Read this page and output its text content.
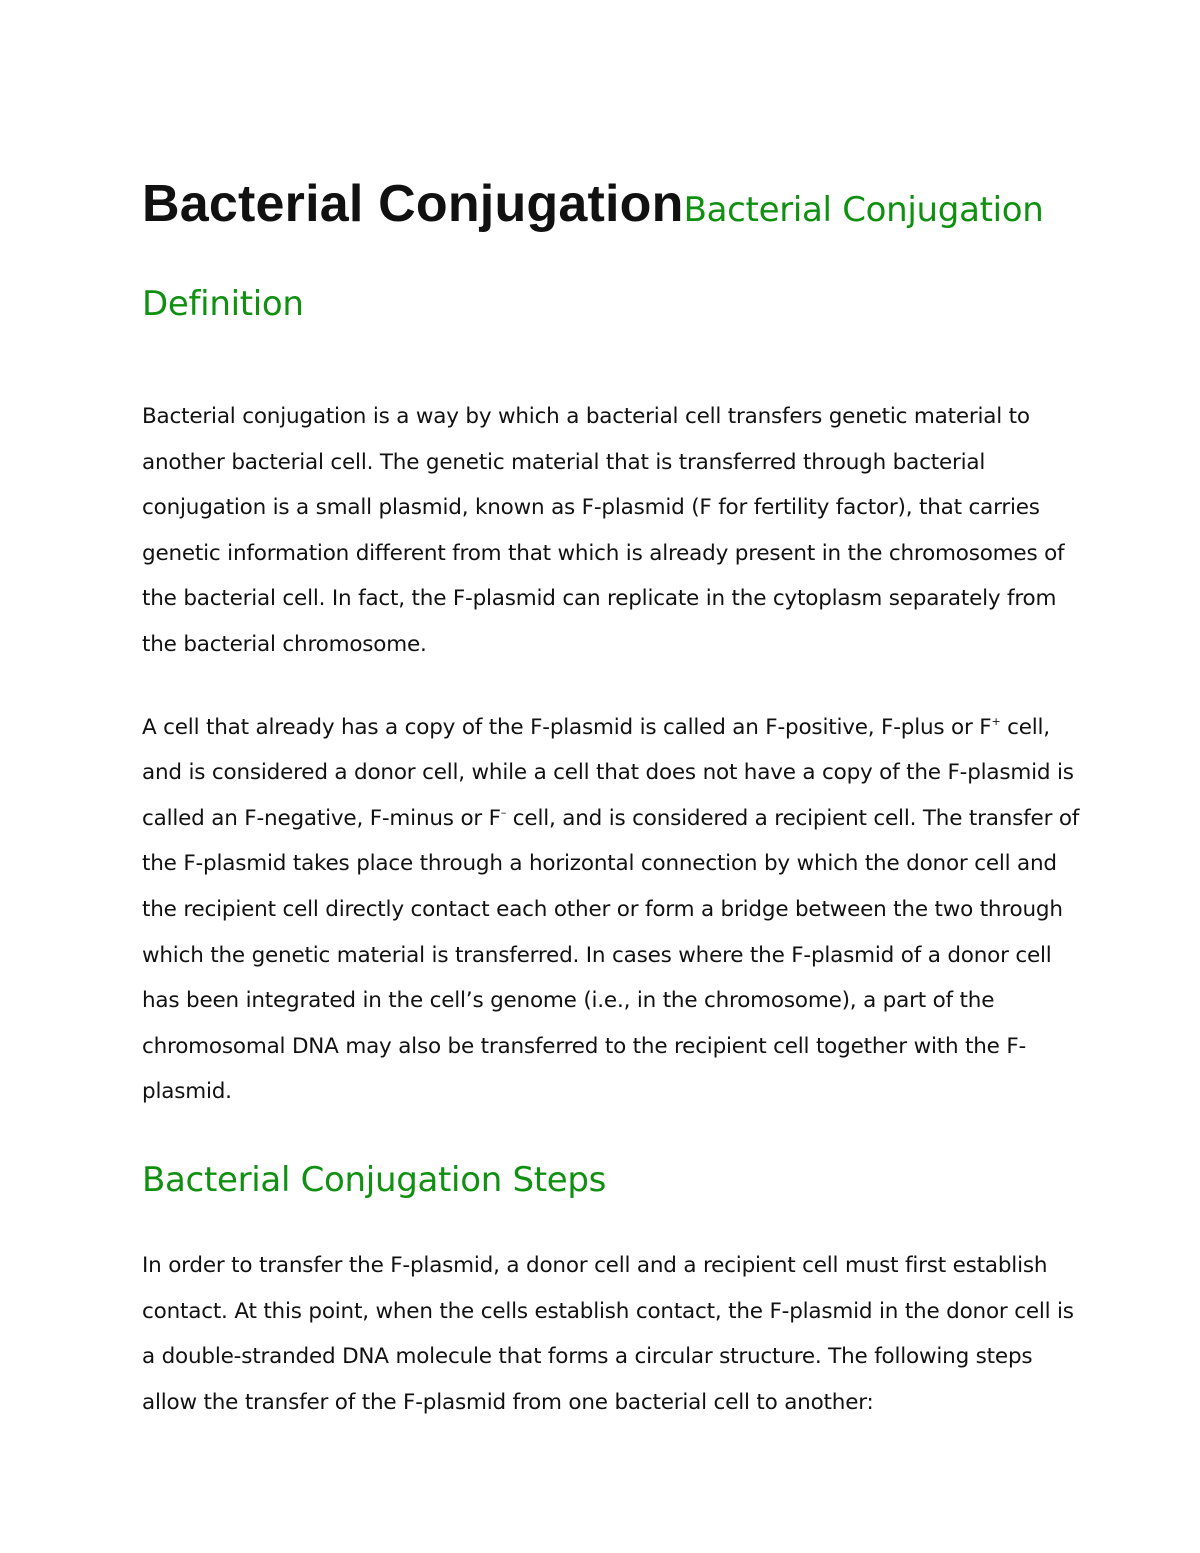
Bacterial ConjugationBacterial Conjugation Definition

Bacterial conjugation is a way by which a bacterial cell transfers genetic material to another bacterial cell. The genetic material that is transferred through bacterial conjugation is a small plasmid, known as F-plasmid (F for fertility factor), that carries genetic information different from that which is already present in the chromosomes of the bacterial cell. In fact, the F-plasmid can replicate in the cytoplasm separately from the bacterial chromosome.

A cell that already has a copy of the F-plasmid is called an F-positive, F-plus or F+ cell, and is considered a donor cell, while a cell that does not have a copy of the F-plasmid is called an F-negative, F-minus or F– cell, and is considered a recipient cell. The transfer of the F-plasmid takes place through a horizontal connection by which the donor cell and the recipient cell directly contact each other or form a bridge between the two through which the genetic material is transferred. In cases where the F-plasmid of a donor cell has been integrated in the cell’s genome (i.e., in the chromosome), a part of the chromosomal DNA may also be transferred to the recipient cell together with the F-plasmid.

Bacterial Conjugation Steps

In order to transfer the F-plasmid, a donor cell and a recipient cell must first establish contact. At this point, when the cells establish contact, the F-plasmid in the donor cell is a double-stranded DNA molecule that forms a circular structure. The following steps allow the transfer of the F-plasmid from one bacterial cell to another:
